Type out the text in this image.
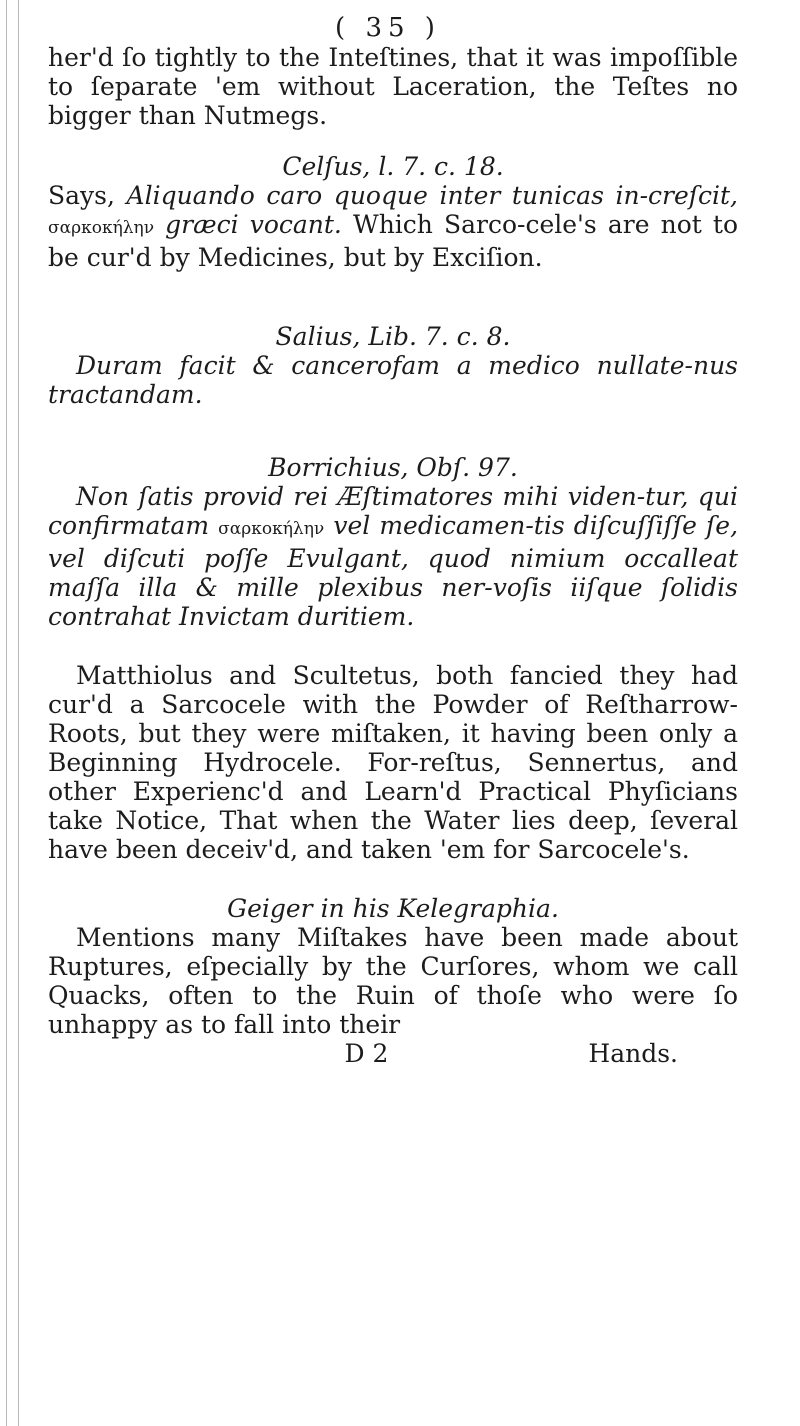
( 35 )

her'd ſo tightly to the Inteſtines, that it was impoſſible to ſeparate 'em without Laceration, the Teſtes no bigger than Nutmegs.

Celſus, l. 7. c. 18.

Says, Aliquando caro quoque inter tunicas in-creſcit, σαρκοκήλην græci vocant. Which Sarco-cele's are not to be cur'd by Medicines, but by Exciſion.

Salius, Lib. 7. c. 8.

Duram facit & cancerofam a medico nullate-nus tractandam.

Borrichius, Obſ. 97.

Non ſatis provid rei Æſtimatores mihi viden-tur, qui confirmatam σαρκοκήλην vel medicamen-tis diſcuſſiſſe ſe, vel diſcuti poſſe Evulgant, quod nimium occalleat maſſa illa & mille plexibus ner-voſis iiſque ſolidis contrahat Invictam duritiem.

Matthiolus and Scultetus, both fancied they had cur'd a Sarcocele with the Powder of Reſtharrow-Roots, but they were miſtaken, it having been only a Beginning Hydrocele. For-reſtus, Sennertus, and other Experienc'd and Learn'd Practical Phyſicians take Notice, That when the Water lies deep, ſeveral have been deceiv'd, and taken 'em for Sarcocele's.

Geiger in his Kelegraphia.

Mentions many Miſtakes have been made about Ruptures, eſpecially by the Curſores, whom we call Quacks, often to the Ruin of thoſe who were ſo unhappy as to fall into their

D 2	Hands.
